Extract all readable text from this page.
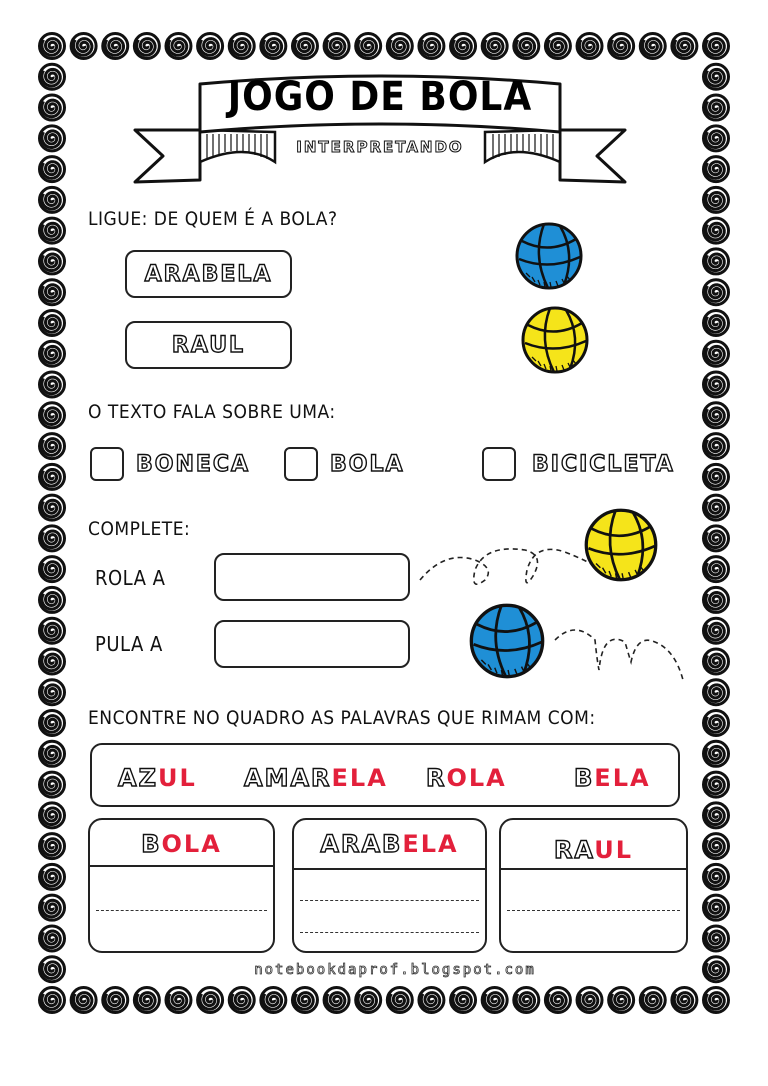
JOGO DE BOLA
INTERPRETANDO
LIGUE: DE QUEM É A BOLA?
ARABELA
RAUL
O TEXTO FALA SOBRE UMA:
BONECA	BOLA	BICICLETA
COMPLETE:
ROLA A
PULA A
ENCONTRE NO QUADRO AS PALAVRAS QUE RIMAM COM:
AZUL AMARELA ROLA	BELA
BOLA	ARABELA	RAUL
notebookdaprof.blogspot.com
